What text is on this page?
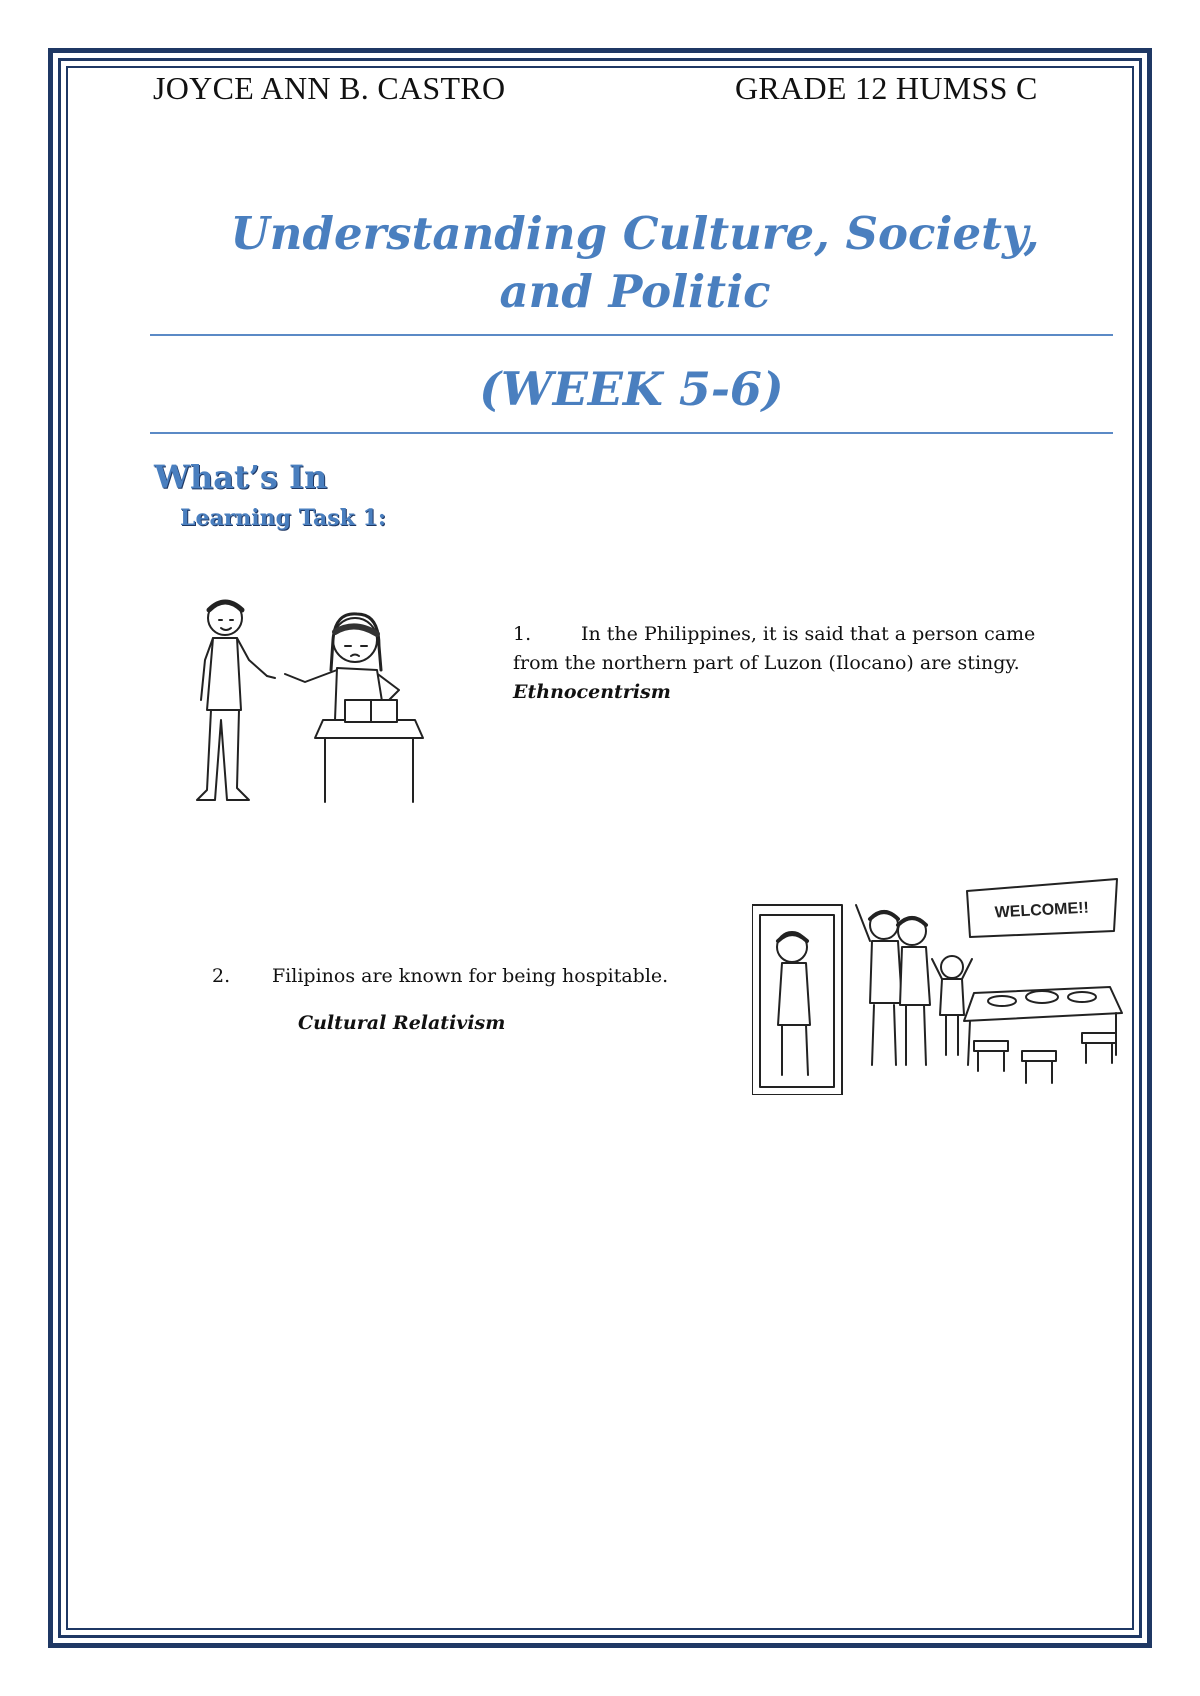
JOYCE ANN B. CASTRO	GRADE 12 HUMSS C
Understanding Culture, Society,
and Politic
(WEEK 5-6)
What’s In
Learning Task 1:
1.	In the Philippines, it is said that a person came
from the northern part of Luzon (Ilocano) are stingy.
Ethnocentrism
2. Filipinos are known for being hospitable.
Cultural Relativism
WELCOME!!
